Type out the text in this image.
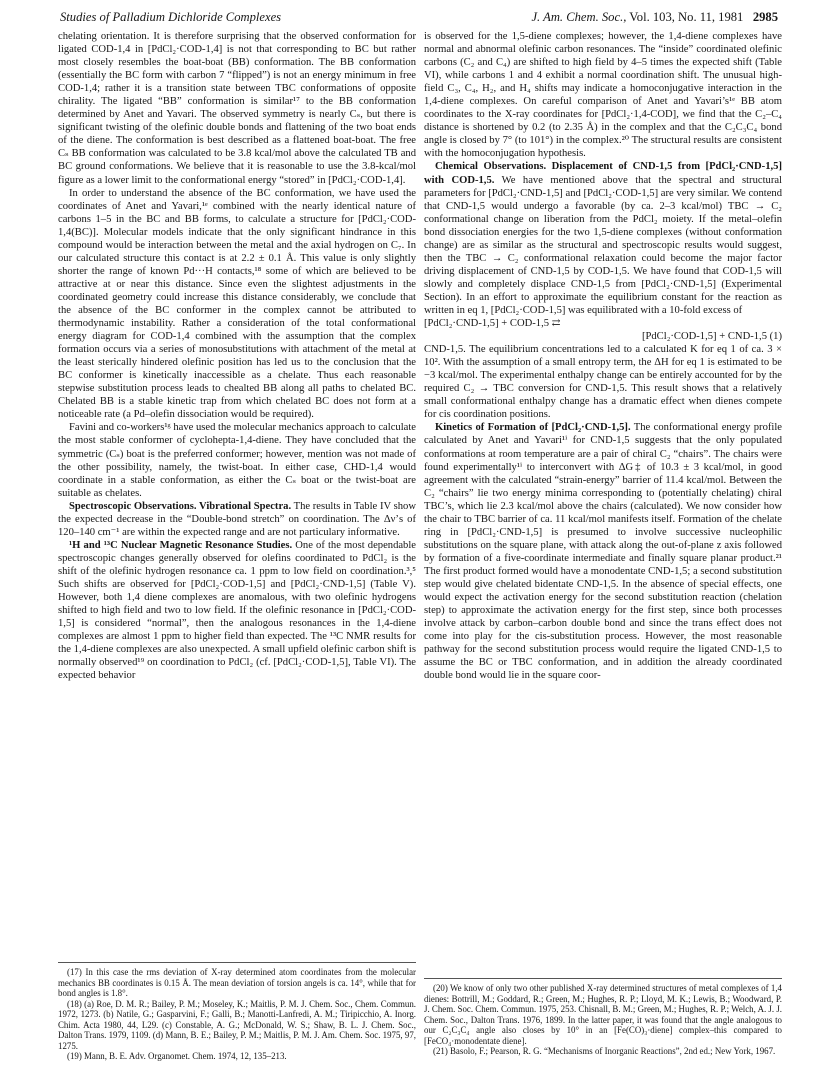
Studies of Palladium Dichloride Complexes	J. Am. Chem. Soc., Vol. 103, No. 11, 1981 2985

chelating orientation. It is therefore surprising that the observed conformation for ligated COD-1,4 in [PdCl₂·COD-1,4] is not that corresponding to BC but rather most closely resembles the boat-boat (BB) conformation. The BB conformation (essentially the BC form with carbon 7 “flipped”) is not an energy minimum in free COD-1,4; rather it is a transition state between TBC conformations of opposite chirality. The ligated “BB” conformation is similar¹⁷ to the BB conformation determined by Anet and Yavari. The observed symmetry is nearly Cₛ, but there is significant twisting of the olefinic double bonds and flattening of the two boat ends of the diene. The conformation is best described as a flattened boat-boat. The free Cₛ BB conformation was calculated to be 3.8 kcal/mol above the calculated TB and BC ground conformations. We believe that it is reasonable to use the 3.8-kcal/mol figure as a lower limit to the conformational energy “stored” in [PdCl₂·COD-1,4].

In order to understand the absence of the BC conformation, we have used the coordinates of Anet and Yavari,¹ᵉ combined with the nearly identical nature of carbons 1–5 in the BC and BB forms, to calculate a structure for [PdCl₂·COD-1,4(BC)]. Molecular models indicate that the only significant hindrance in this compound would be interaction between the metal and the axial hydrogen on C₇. In our calculated structure this contact is at 2.2 ± 0.1 Å. This value is only slightly shorter the range of known Pd···H contacts,¹⁸ some of which are believed to be attractive at or near this distance. Since even the slightest adjustments in the coordinated geometry could increase this distance considerably, we conclude that the absence of the BC conformer in the complex cannot be attributed to thermodynamic instability. Rather a consideration of the total conformational energy diagram for COD-1,4 combined with the assumption that the complex formation occurs via a series of monosubstitutions with attachment of the metal at the least sterically hindered olefinic position has led us to the conclusion that the BC conformer is kinetically inaccessible as a chelate. Thus each reasonable stepwise substitution process leads to chealted BB along all paths to chelated BC. Chelated BB is a stable kinetic trap from which chelated BC does not form at a noticeable rate (a Pd–olefin dissociation would be required).

Favini and co-workers¹ᵍ have used the molecular mechanics approach to calculate the most stable conformer of cyclohepta-1,4-diene. They have concluded that the symmetric (Cₛ) boat is the preferred conformer; however, mention was not made of the other possibility, namely, the twist-boat. In either case, CHD-1,4 would coordinate in a stable conformation, as either the Cₛ boat or the twist-boat are suitable as chelates.

Spectroscopic Observations. Vibrational Spectra. The results in Table IV show the expected decrease in the “Double-bond stretch” on coordination. The Δν’s of 120–140 cm⁻¹ are within the expected range and are not particulary informative.

¹H and ¹³C Nuclear Magnetic Resonance Studies. One of the most dependable spectroscopic changes generally observed for olefins coordinated to PdCl₂ is the shift of the olefinic hydrogen resonance ca. 1 ppm to low field on coordination.³,⁵ Such shifts are observed for [PdCl₂·COD-1,5] and [PdCl₂·CND-1,5] (Table V). However, both 1,4 diene complexes are anomalous, with two olefinic hydrogens shifted to high field and two to low field. If the olefinic resonance in [PdCl₂·COD-1,5] is considered “normal”, then the analogous resonances in the 1,4-diene complexes are almost 1 ppm to higher field than expected. The ¹³C NMR results for the 1,4-diene complexes are also unexpected. A small upfield olefinic carbon shift is normally observed¹⁹ on coordination to PdCl₂ (cf. [PdCl₂·COD-1,5], Table VI). The expected behavior

is observed for the 1,5-diene complexes; however, the 1,4-diene complexes have normal and abnormal olefinic carbon resonances. The “inside” coordinated olefinic carbons (C₂ and C₄) are shifted to high field by 4–5 times the expected shift (Table VI), while carbons 1 and 4 exhibit a normal coordination shift. The unusual high-field C₃, C₄, H₂, and H₄ shifts may indicate a homoconjugative interaction in the 1,4-diene complexes. On careful comparison of Anet and Yavari’s¹ᵉ BB atom coordinates to the X-ray coordinates for [PdCl₂·1,4-COD], we find that the C₂–C₄ distance is shortened by 0.2 (to 2.35 Å) in the complex and that the C₂C₃C₄ bond angle is closed by 7° (to 101°) in the complex.²⁰ The structural results are consistent with the homoconjugation hypothesis.

Chemical Observations. Displacement of CND-1,5 from [PdCl₂·CND-1,5] with COD-1,5. We have mentioned above that the spectral and structural parameters for [PdCl₂·CND-1,5] and [PdCl₂·COD-1,5] are very similar. We contend that CND-1,5 would undergo a favorable (by ca. 2–3 kcal/mol) TBC → C₂ conformational change on liberation from the PdCl₂ moiety. If the metal–olefin bond dissociation energies for the two 1,5-diene complexes (without conformation change) are as similar as the structural and spectroscopic results would suggest, then the TBC → C₂ conformational relaxation could become the major factor driving displacement of CND-1,5 by COD-1,5. We have found that COD-1,5 will slowly and completely displace CND-1,5 from [PdCl₂·CND-1,5] (Experimental Section). In an effort to approximate the equilibrium constant for the reaction as written in eq 1, [PdCl₂·COD-1,5] was equilibrated with a 10-fold excess of

[PdCl₂·CND-1,5] + COD-1,5 ⇄

[PdCl₂·COD-1,5] + CND-1,5 (1)

CND-1,5. The equilibrium concentrations led to a calculated K for eq 1 of ca. 3 × 10². With the assumption of a small entropy term, the ΔH for eq 1 is estimated to be −3 kcal/mol. The experimental enthalpy change can be entirely accounted for by the required C₂ → TBC conversion for CND-1,5. This result shows that a relatively small conformational enthalpy change has a dramatic effect when dienes compete for cis coordination positions.

Kinetics of Formation of [PdCl₂·CND-1,5]. The conformational energy profile calculated by Anet and Yavari¹ⁱ for CND-1,5 suggests that the only populated conformations at room temperature are a pair of chiral C₂ “chairs”. The chairs were found experimentally¹ⁱ to interconvert with ΔG‡ of 10.3 ± 3 kcal/mol, in good agreement with the calculated “strain-energy” barrier of 11.4 kcal/mol. Between the C₂ “chairs” lie two energy minima corresponding to (potentially chelating) chiral TBC’s, which lie 2.3 kcal/mol above the chairs (calculated). We now consider how the chair to TBC barrier of ca. 11 kcal/mol manifests itself. Formation of the chelate ring in [PdCl₂·CND-1,5] is presumed to involve successive nucleophilic substitutions on the square plane, with attack along the out-of-plane z axis followed by formation of a five-coordinate intermediate and finally square planar product.²¹ The first product formed would have a monodentate CND-1,5; a second substitution step would give chelated bidentate CND-1,5. In the absence of special effects, one would expect the activation energy for the second substitution reaction (chelation step) to approximate the activation energy for the first step, since both processes involve attack by carbon–carbon double bond and since the trans effect does not come into play for the cis-substitution process. However, the most reasonable pathway for the second substitution process would require the ligated CND-1,5 to assume the BC or TBC conformation, and in addition the already coordinated double bond would lie in the square coor-

(17) In this case the rms deviation of X-ray determined atom coordinates from the molecular mechanics BB coordinates is 0.15 Å. The mean deviation of torsion angels is ca. 14°, while that for bond angles is 1.8°.

(18) (a) Roe, D. M. R.; Bailey, P. M.; Moseley, K.; Maitlis, P. M. J. Chem. Soc., Chem. Commun. 1972, 1273. (b) Natile, G.; Gasparvini, F.; Galli, B.; Manotti-Lanfredi, A. M.; Tiripicchio, A. Inorg. Chim. Acta 1980, 44, L29. (c) Constable, A. G.; McDonald, W. S.; Shaw, B. L. J. Chem. Soc., Dalton Trans. 1979, 1109. (d) Mann, B. E.; Bailey, P. M.; Maitlis, P. M. J. Am. Chem. Soc. 1975, 97, 1275.

(19) Mann, B. E. Adv. Organomet. Chem. 1974, 12, 135–213.

(20) We know of only two other published X-ray determined structures of metal complexes of 1,4 dienes: Bottrill, M.; Goddard, R.; Green, M.; Hughes, R. P.; Lloyd, M. K.; Lewis, B.; Woodward, P. J. Chem. Soc. Chem. Commun. 1975, 253. Chisnall, B. M.; Green, M.; Hughes, R. P.; Welch, A. J. J. Chem. Soc., Dalton Trans. 1976, 1899. In the latter paper, it was found that the angle analogous to our C₂C₃C₄ angle also closes by 10° in an [Fe(CO)₃·diene] complex–this compared to [FeCO₄·monodentate diene].

(21) Basolo, F.; Pearson, R. G. “Mechanisms of Inorganic Reactions”, 2nd ed.; New York, 1967.
